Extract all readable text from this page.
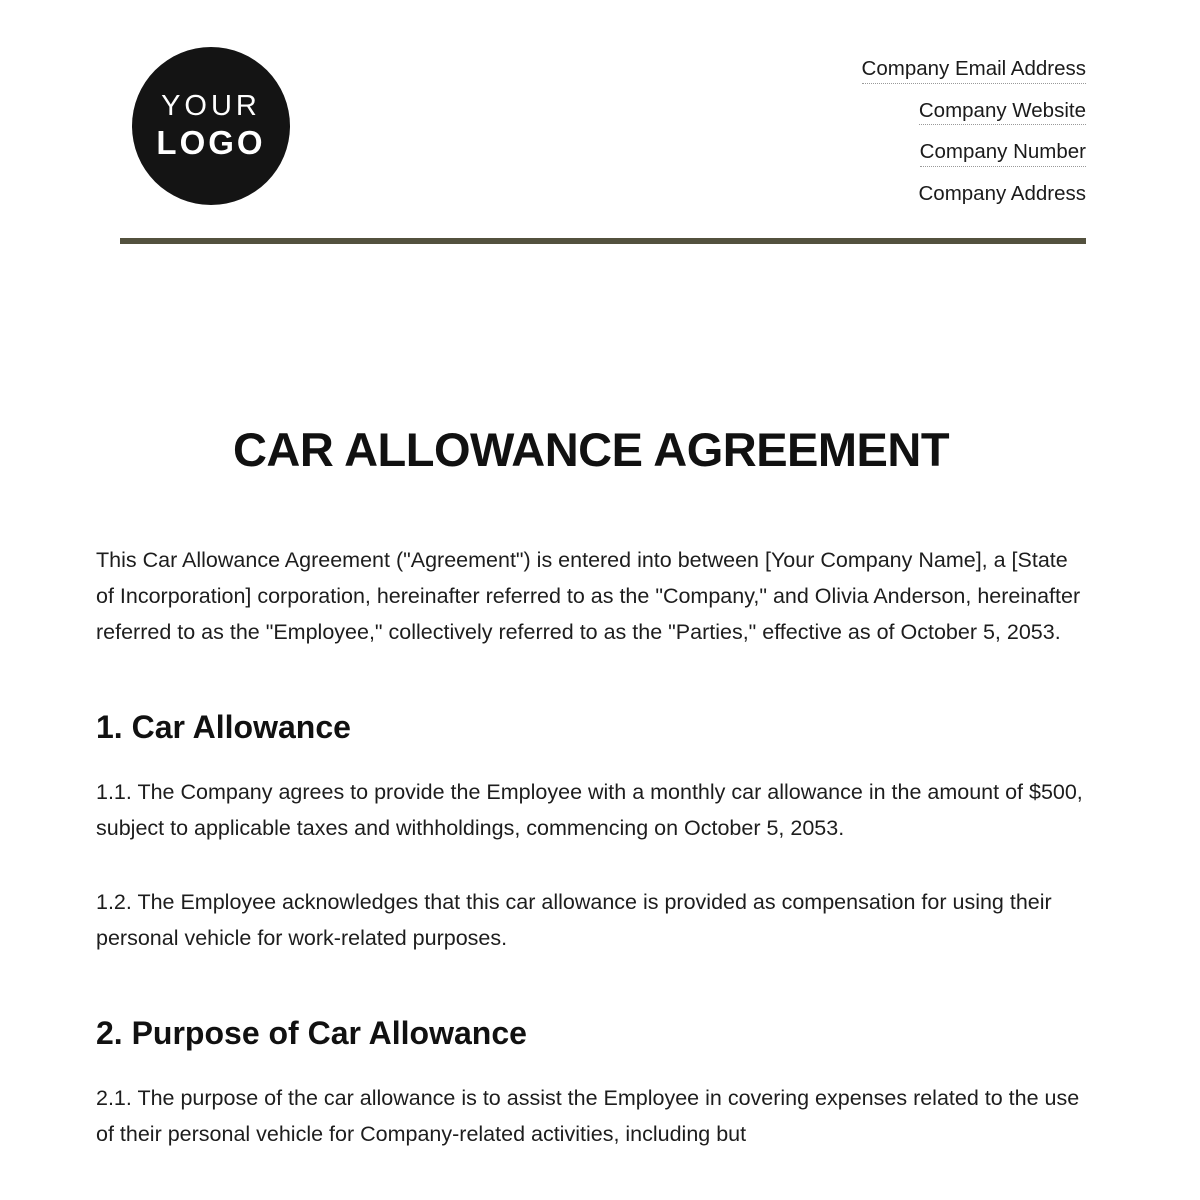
YOUR
LOGO
Company Email Address
Company Website
Company Number
Company Address
CAR ALLOWANCE AGREEMENT

This Car Allowance Agreement ("Agreement") is entered into between [Your Company Name], a [State of Incorporation] corporation, hereinafter referred to as the "Company," and Olivia Anderson, hereinafter referred to as the "Employee," collectively referred to as the "Parties," effective as of October 5, 2053.

1. Car Allowance

1.1. The Company agrees to provide the Employee with a monthly car allowance in the amount of $500, subject to applicable taxes and withholdings, commencing on October 5, 2053.

1.2. The Employee acknowledges that this car allowance is provided as compensation for using their personal vehicle for work-related purposes.

2. Purpose of Car Allowance

2.1. The purpose of the car allowance is to assist the Employee in covering expenses related to the use of their personal vehicle for Company-related activities, including but
